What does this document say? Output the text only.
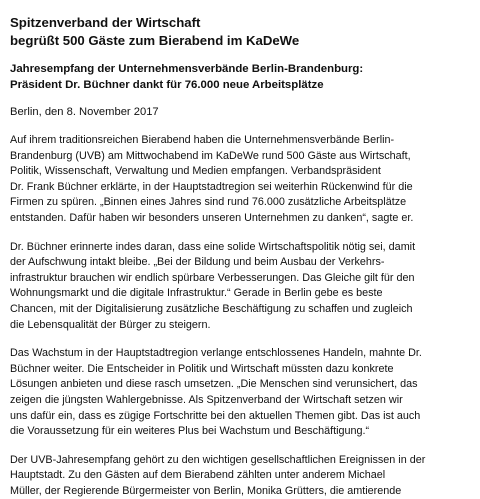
Spitzenverband der Wirtschaft
begrüßt 500 Gäste zum Bierabend im KaDeWe
Jahresempfang der Unternehmensverbände Berlin-Brandenburg:
Präsident Dr. Büchner dankt für 76.000 neue Arbeitsplätze

Berlin, den 8. November 2017

Auf ihrem traditionsreichen Bierabend haben die Unternehmensverbände Berlin-
Brandenburg (UVB) am Mittwochabend im KaDeWe rund 500 Gäste aus Wirtschaft,
Politik, Wissenschaft, Verwaltung und Medien empfangen. Verbandspräsident
Dr. Frank Büchner erklärte, in der Hauptstadtregion sei weiterhin Rückenwind für die
Firmen zu spüren. „Binnen eines Jahres sind rund 76.000 zusätzliche Arbeitsplätze
entstanden. Dafür haben wir besonders unseren Unternehmen zu danken“, sagte er.

Dr. Büchner erinnerte indes daran, dass eine solide Wirtschaftspolitik nötig sei, damit
der Aufschwung intakt bleibe. „Bei der Bildung und beim Ausbau der Verkehrs-
infrastruktur brauchen wir endlich spürbare Verbesserungen. Das Gleiche gilt für den
Wohnungsmarkt und die digitale Infrastruktur.“ Gerade in Berlin gebe es beste
Chancen, mit der Digitalisierung zusätzliche Beschäftigung zu schaffen und zugleich
die Lebensqualität der Bürger zu steigern.

Das Wachstum in der Hauptstadtregion verlange entschlossenes Handeln, mahnte Dr.
Büchner weiter. Die Entscheider in Politik und Wirtschaft müssten dazu konkrete
Lösungen anbieten und diese rasch umsetzen. „Die Menschen sind verunsichert, das
zeigen die jüngsten Wahlergebnisse. Als Spitzenverband der Wirtschaft setzen wir
uns dafür ein, dass es zügige Fortschritte bei den aktuellen Themen gibt. Das ist auch
die Voraussetzung für ein weiteres Plus bei Wachstum und Beschäftigung.“

Der UVB-Jahresempfang gehört zu den wichtigen gesellschaftlichen Ereignissen in der
Hauptstadt. Zu den Gästen auf dem Bierabend zählten unter anderem Michael
Müller, der Regierende Bürgermeister von Berlin, Monika Grütters, die amtierende
